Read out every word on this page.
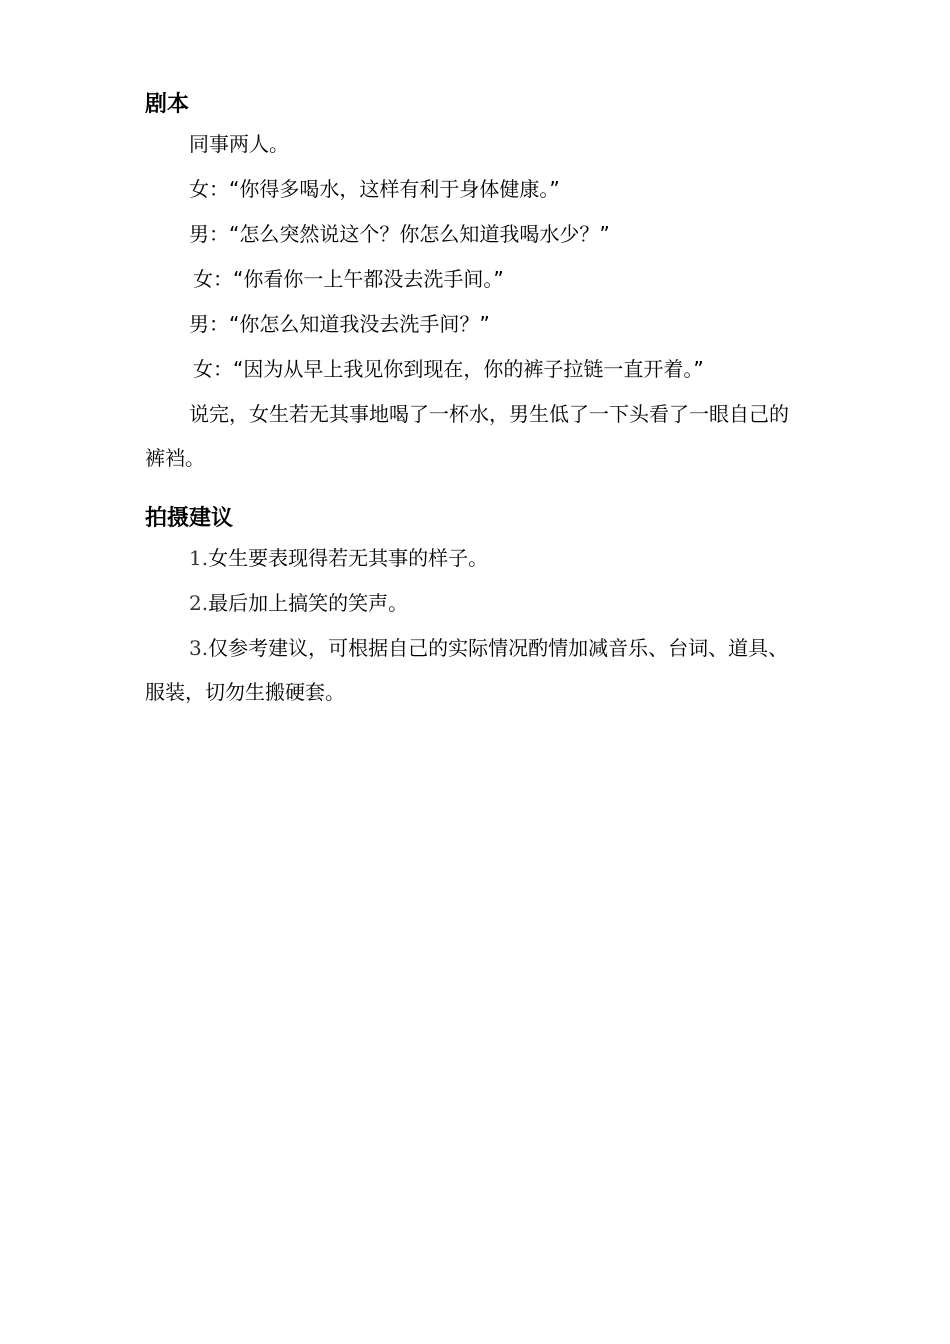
剧本

同事两人。

女：“你得多喝水，这样有利于身体健康。”

男：“怎么突然说这个？你怎么知道我喝水少？”

女：“你看你一上午都没去洗手间。”

男：“你怎么知道我没去洗手间？”

女：“因为从早上我见你到现在，你的裤子拉链一直开着。”

说完，女生若无其事地喝了一杯水，男生低了一下头看了一眼自己的裤裆。

拍摄建议

1.女生要表现得若无其事的样子。

2.最后加上搞笑的笑声。

3.仅参考建议，可根据自己的实际情况酌情加减音乐、台词、道具、服装，切勿生搬硬套。
